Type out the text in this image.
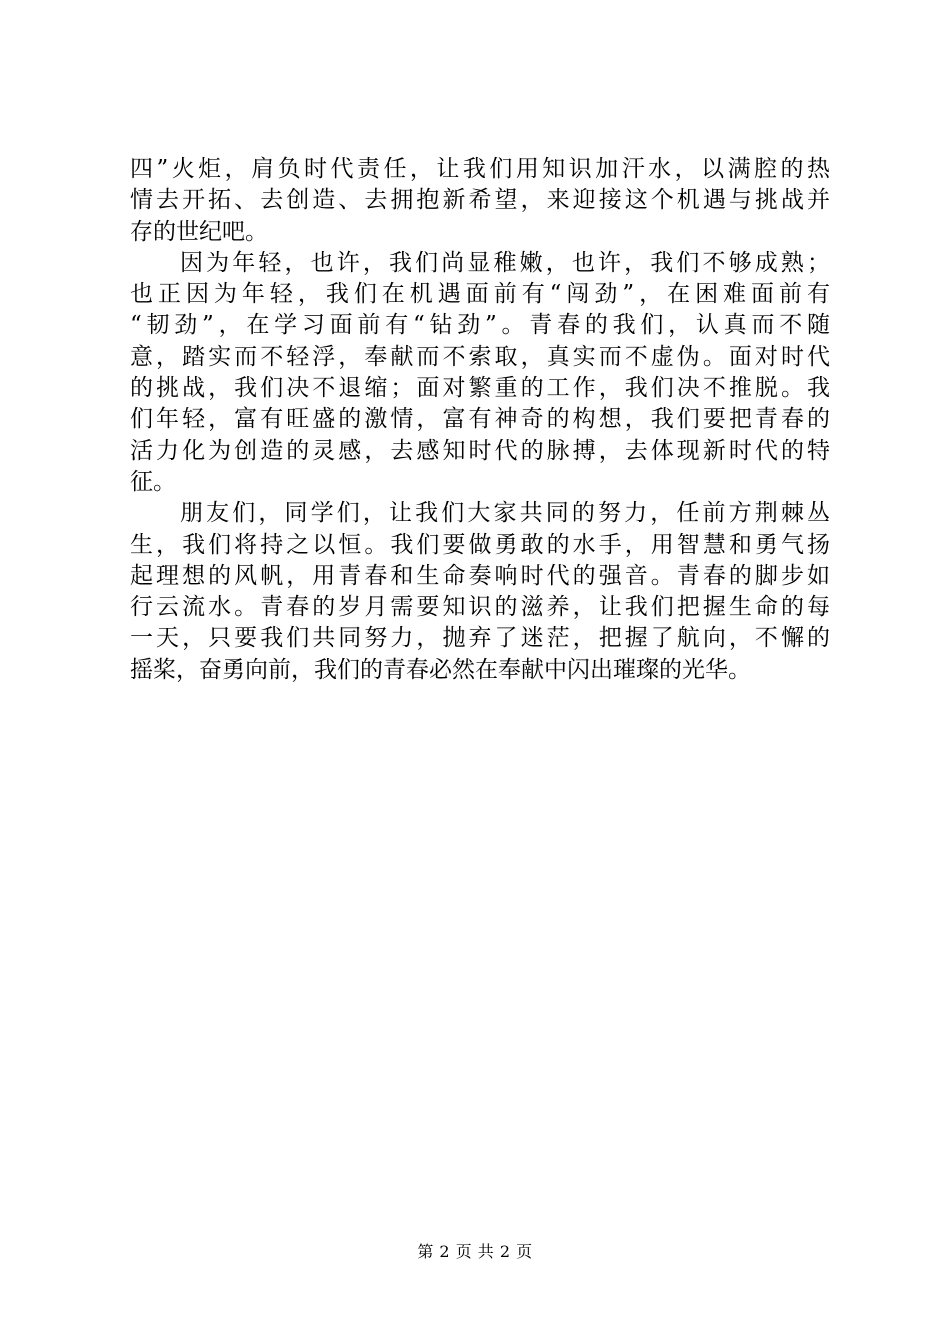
四”火炬，肩负时代责任，让我们用知识加汗水，以满腔的热
情去开拓、去创造、去拥抱新希望，来迎接这个机遇与挑战并
存的世纪吧。
因为年轻，也许，我们尚显稚嫩，也许，我们不够成熟；
也正因为年轻，我们在机遇面前有“闯劲”，在困难面前有
“韧劲”，在学习面前有“钻劲”。青春的我们，认真而不随
意，踏实而不轻浮，奉献而不索取，真实而不虚伪。面对时代
的挑战，我们决不退缩；面对繁重的工作，我们决不推脱。我
们年轻，富有旺盛的激情，富有神奇的构想，我们要把青春的
活力化为创造的灵感，去感知时代的脉搏，去体现新时代的特
征。
朋友们，同学们，让我们大家共同的努力，任前方荆棘丛
生，我们将持之以恒。我们要做勇敢的水手，用智慧和勇气扬
起理想的风帆，用青春和生命奏响时代的强音。青春的脚步如
行云流水。青春的岁月需要知识的滋养，让我们把握生命的每
一天，只要我们共同努力，抛弃了迷茫，把握了航向，不懈的
摇桨，奋勇向前，我们的青春必然在奉献中闪出璀璨的光华。
第 2 页 共 2 页
